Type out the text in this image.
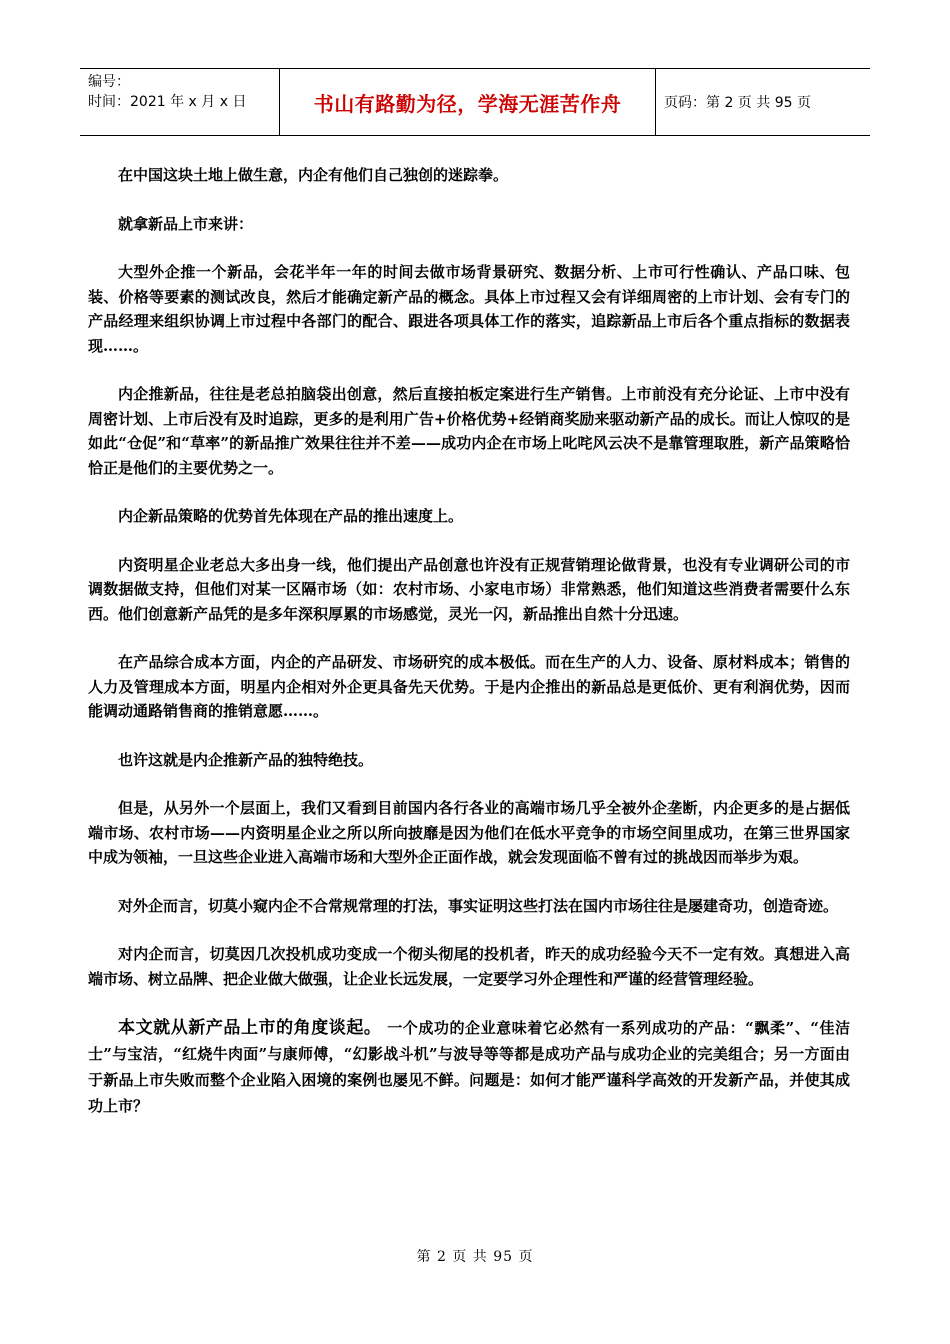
编号：
时间：2021 年 x 月 x 日	书山有路勤为径，学海无涯苦作舟	页码：第 2 页 共 95 页

在中国这块土地上做生意，内企有他们自己独创的迷踪拳。

就拿新品上市来讲：

大型外企推一个新品，会花半年一年的时间去做市场背景研究、数据分析、上市可行性确认、产品口味、包装、价格等要素的测试改良，然后才能确定新产品的概念。具体上市过程又会有详细周密的上市计划、会有专门的产品经理来组织协调上市过程中各部门的配合、跟进各项具体工作的落实，追踪新品上市后各个重点指标的数据表现……。

内企推新品，往往是老总拍脑袋出创意，然后直接拍板定案进行生产销售。上市前没有充分论证、上市中没有周密计划、上市后没有及时追踪，更多的是利用广告+价格优势+经销商奖励来驱动新产品的成长。而让人惊叹的是如此“仓促”和“草率”的新品推广效果往往并不差——成功内企在市场上叱咤风云决不是靠管理取胜，新产品策略恰恰正是他们的主要优势之一。

内企新品策略的优势首先体现在产品的推出速度上。

内资明星企业老总大多出身一线，他们提出产品创意也许没有正规营销理论做背景，也没有专业调研公司的市调数据做支持，但他们对某一区隔市场（如：农村市场、小家电市场）非常熟悉，他们知道这些消费者需要什么东西。他们创意新产品凭的是多年深积厚累的市场感觉，灵光一闪，新品推出自然十分迅速。

在产品综合成本方面，内企的产品研发、市场研究的成本极低。而在生产的人力、设备、原材料成本；销售的人力及管理成本方面，明星内企相对外企更具备先天优势。于是内企推出的新品总是更低价、更有利润优势，因而能调动通路销售商的推销意愿……。

也许这就是内企推新产品的独特绝技。

但是，从另外一个层面上，我们又看到目前国内各行各业的高端市场几乎全被外企垄断，内企更多的是占据低端市场、农村市场——内资明星企业之所以所向披靡是因为他们在低水平竞争的市场空间里成功，在第三世界国家中成为领袖，一旦这些企业进入高端市场和大型外企正面作战，就会发现面临不曾有过的挑战因而举步为艰。

对外企而言，切莫小窥内企不合常规常理的打法，事实证明这些打法在国内市场往往是屡建奇功，创造奇迹。

对内企而言，切莫因几次投机成功变成一个彻头彻尾的投机者，昨天的成功经验今天不一定有效。真想进入高端市场、树立品牌、把企业做大做强，让企业长远发展，一定要学习外企理性和严谨的经营管理经验。

本文就从新产品上市的角度谈起。 一个成功的企业意味着它必然有一系列成功的产品：“飘柔”、“佳洁士”与宝洁，“红烧牛肉面”与康师傅，“幻影战斗机”与波导等等都是成功产品与成功企业的完美组合；另一方面由于新品上市失败而整个企业陷入困境的案例也屡见不鲜。问题是：如何才能严谨科学高效的开发新产品，并使其成功上市？

第 2 页 共 95 页
